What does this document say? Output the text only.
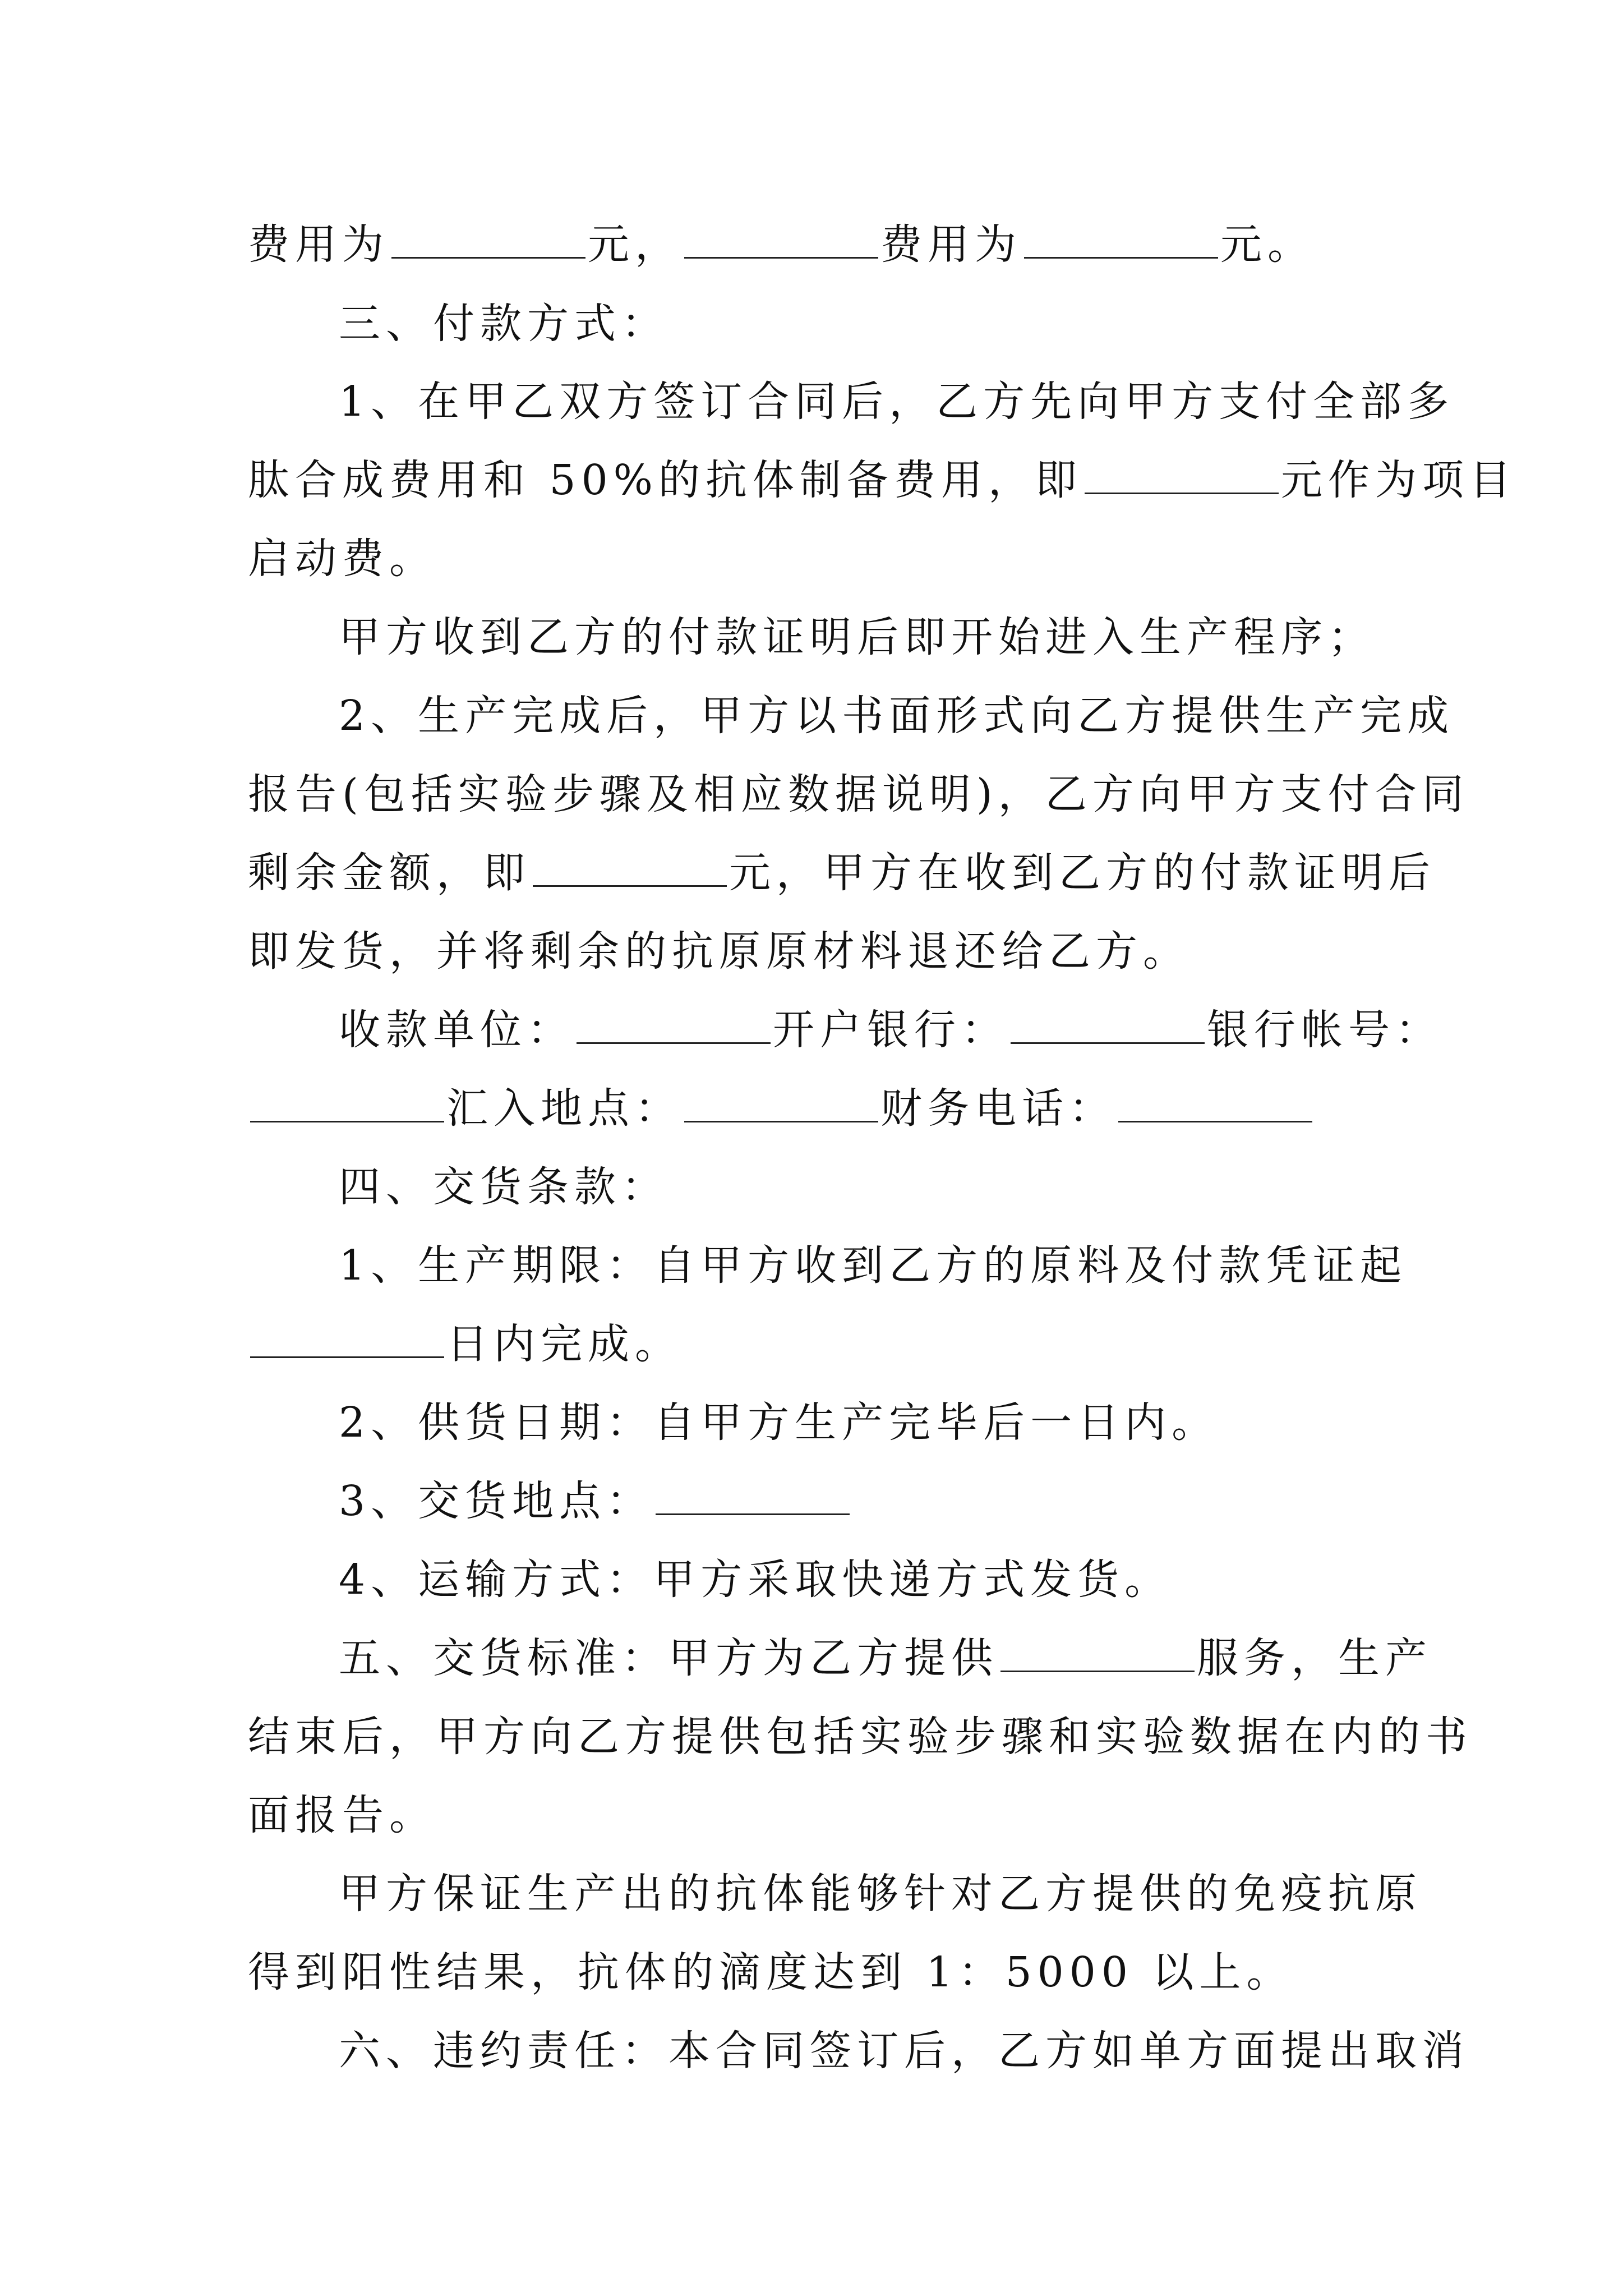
费用为	元，	费用为	元。
三、付款方式：
1、在甲乙双方签订合同后，乙方先向甲方支付全部多
肽合成费用和 50%的抗体制备费用，即	元作为项目
启动费。
甲方收到乙方的付款证明后即开始进入生产程序；
2、生产完成后，甲方以书面形式向乙方提供生产完成
报告(包括实验步骤及相应数据说明)，乙方向甲方支付合同
剩余金额，即	元，甲方在收到乙方的付款证明后
即发货，并将剩余的抗原原材料退还给乙方。
收款单位：	开户银行：	银行帐号：
汇入地点：	财务电话：
四、交货条款：
1、生产期限：自甲方收到乙方的原料及付款凭证起
日内完成。
2、供货日期：自甲方生产完毕后一日内。
3、交货地点：
4、运输方式：甲方采取快递方式发货。
五、交货标准：甲方为乙方提供	服务，生产
结束后，甲方向乙方提供包括实验步骤和实验数据在内的书
面报告。
甲方保证生产出的抗体能够针对乙方提供的免疫抗原
得到阳性结果，抗体的滴度达到 1：5000 以上。
六、违约责任：本合同签订后，乙方如单方面提出取消
